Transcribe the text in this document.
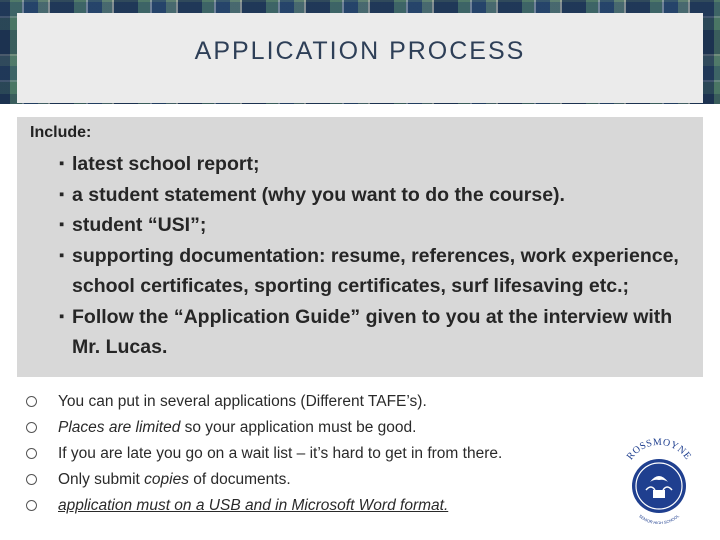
APPLICATION PROCESS
Include:
▪ latest school report;
▪ a student statement (why you want to do the course).
▪ student “USI”;
▪ supporting documentation: resume, references, work experience, school certificates, sporting certificates, surf lifesaving etc.;
▪ Follow the “Application Guide” given to you at the interview with Mr. Lucas.
You can put in several applications (Different TAFE’s).
Places are limited so your application must be good.
If you are late you go on a wait list – it’s hard to get in from there.
Only submit copies of documents.
application must on a USB and in Microsoft Word format.
ROSSMOYNE
SENIOR HIGH SCHOOL
